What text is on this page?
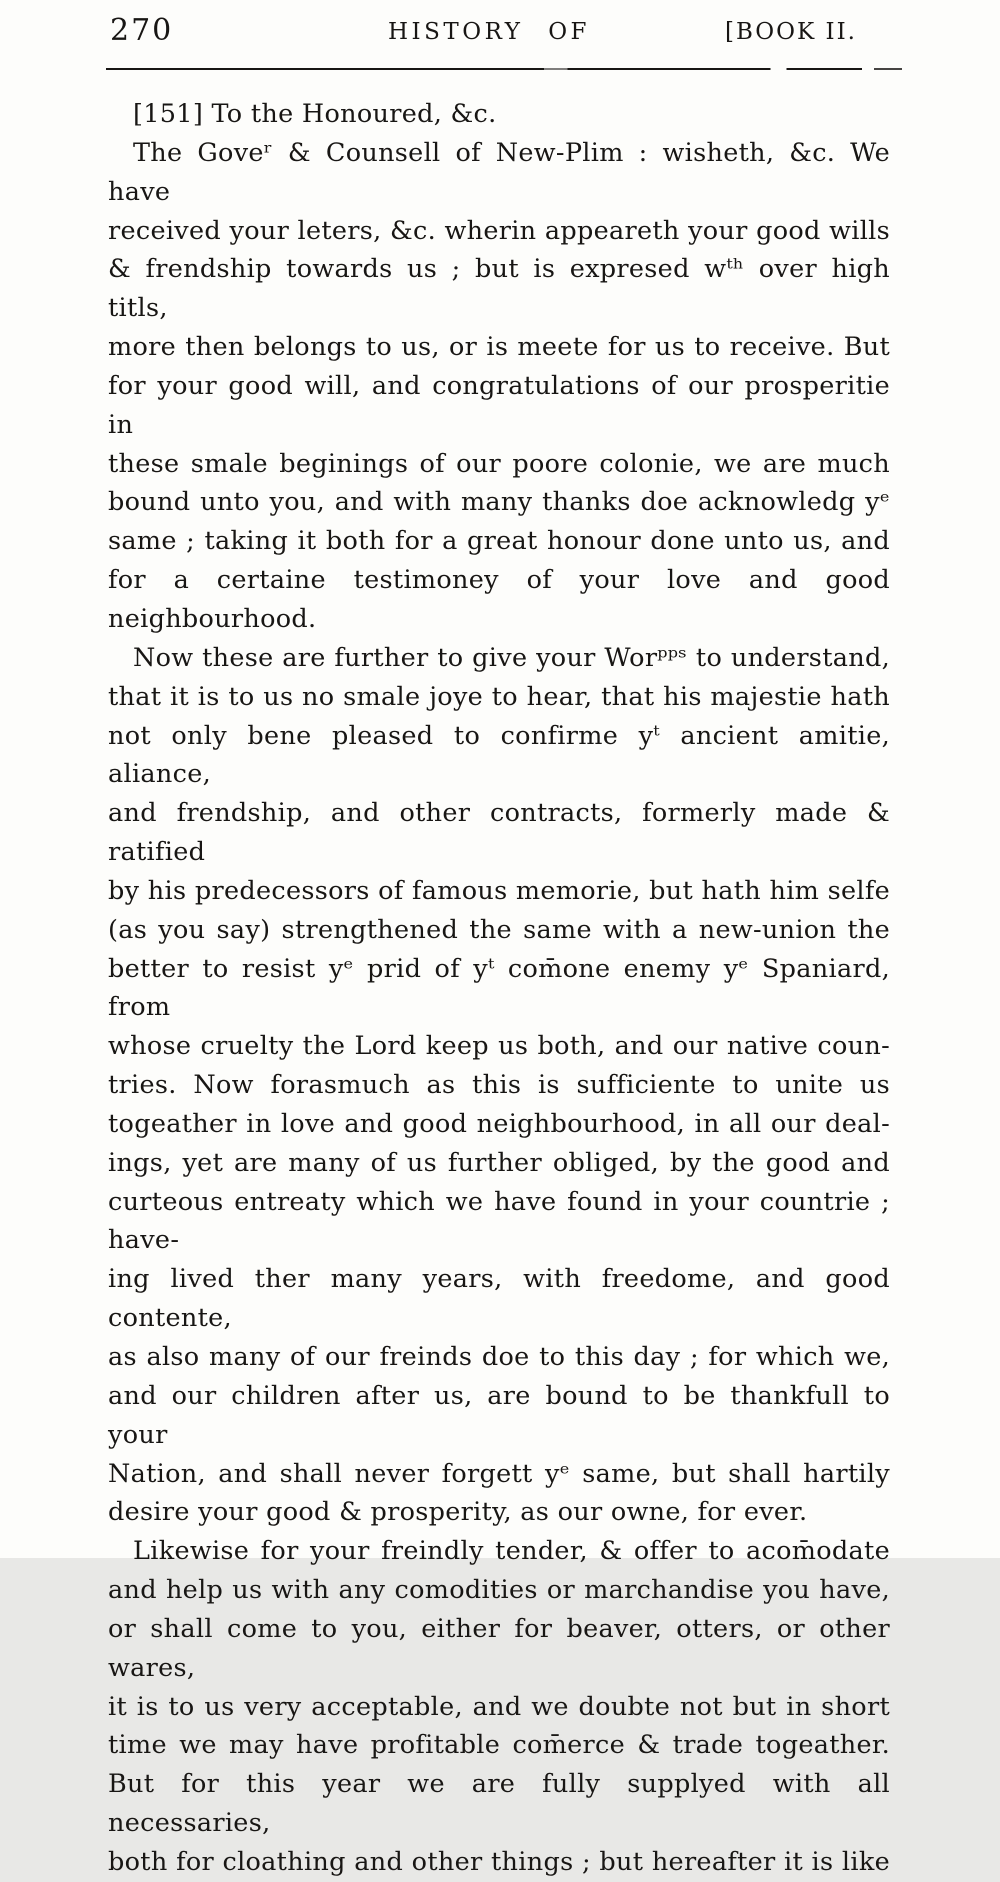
270	HISTORY OF	[BOOK II.
[151] To the Honoured, &c.
The Goveʳ & Counsell of New-Plim : wisheth, &c. We have
received your leters, &c. wherin appeareth your good wills
& frendship towards us ; but is expresed wᵗʰ over high titls,
more then belongs to us, or is meete for us to receive. But
for your good will, and congratulations of our prosperitie in
these smale beginings of our poore colonie, we are much
bound unto you, and with many thanks doe acknowledg yᵉ
same ; taking it both for a great honour done unto us, and
for a certaine testimoney of your love and good neighbourhood.
Now these are further to give your Worᵖᵖˢ to understand,
that it is to us no smale joye to hear, that his majestie hath
not only bene pleased to confirme yᵗ ancient amitie, aliance,
and frendship, and other contracts, formerly made & ratified
by his predecessors of famous memorie, but hath him selfe
(as you say) strengthened the same with a new-union the
better to resist yᵉ prid of yᵗ com̄one enemy yᵉ Spaniard, from
whose cruelty the Lord keep us both, and our native coun-
tries. Now forasmuch as this is sufficiente to unite us
togeather in love and good neighbourhood, in all our deal-
ings, yet are many of us further obliged, by the good and
curteous entreaty which we have found in your countrie ; have-
ing lived ther many years, with freedome, and good contente,
as also many of our freinds doe to this day ; for which we,
and our children after us, are bound to be thankfull to your
Nation, and shall never forgett yᵉ same, but shall hartily
desire your good & prosperity, as our owne, for ever.
Likewise for your freindly tender, & offer to acom̄odate
and help us with any comodities or marchandise you have,
or shall come to you, either for beaver, otters, or other wares,
it is to us very acceptable, and we doubte not but in short
time we may have profitable com̄erce & trade togeather.
But for this year we are fully supplyed with all necessaries,
both for cloathing and other things ; but hereafter it is like
